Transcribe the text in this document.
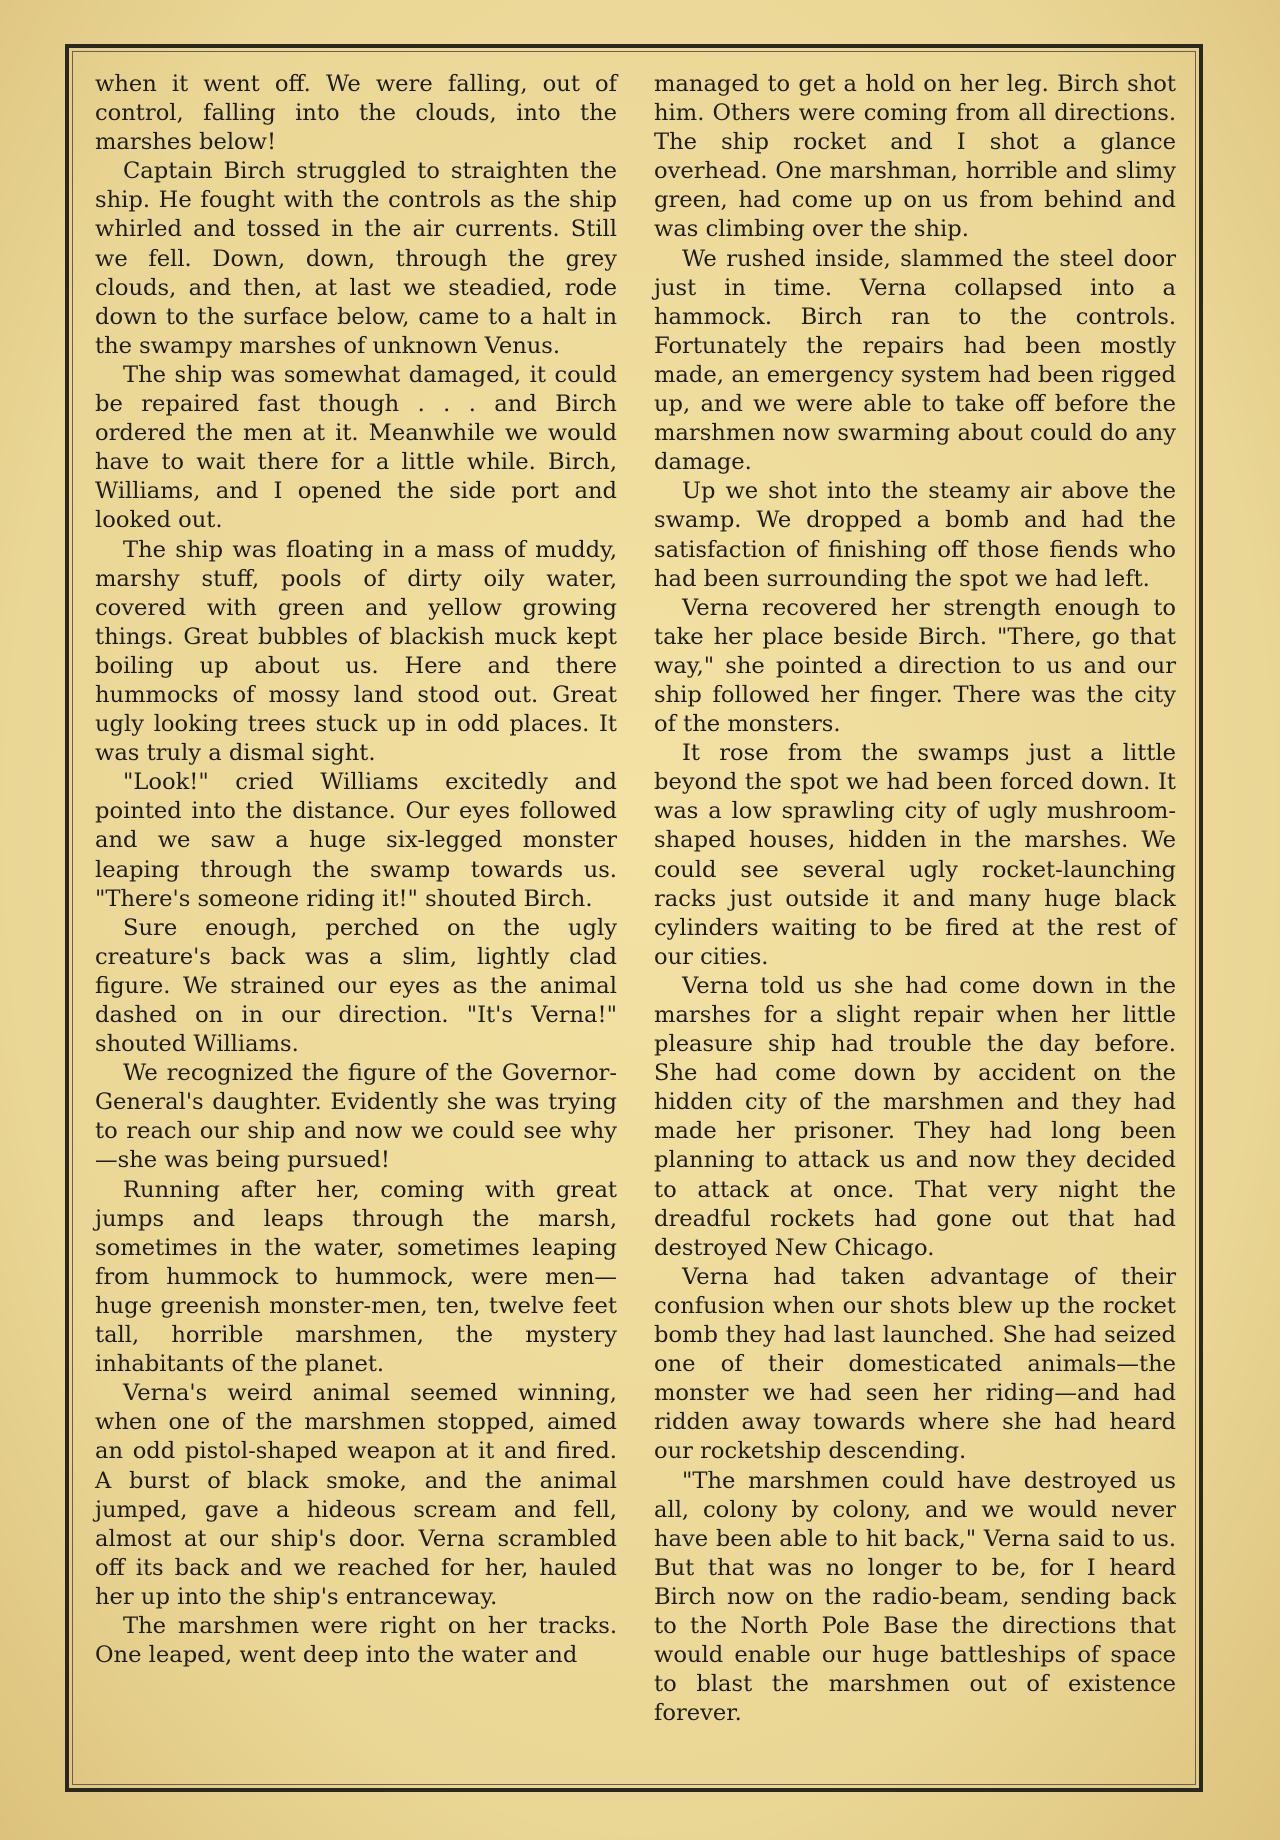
when it went off. We were falling, out of control, falling into the clouds, into the marshes below!

Captain Birch struggled to straighten the ship. He fought with the controls as the ship whirled and tossed in the air currents. Still we fell. Down, down, through the grey clouds, and then, at last we steadied, rode down to the surface below, came to a halt in the swampy marshes of unknown Venus.

The ship was somewhat damaged, it could be repaired fast though . . . and Birch ordered the men at it. Meanwhile we would have to wait there for a little while. Birch, Williams, and I opened the side port and looked out.

The ship was floating in a mass of muddy, marshy stuff, pools of dirty oily water, covered with green and yellow growing things. Great bubbles of blackish muck kept boiling up about us. Here and there hummocks of mossy land stood out. Great ugly looking trees stuck up in odd places. It was truly a dismal sight.

"Look!" cried Williams excitedly and pointed into the distance. Our eyes followed and we saw a huge six-legged monster leaping through the swamp towards us. "There's someone riding it!" shouted Birch.

Sure enough, perched on the ugly creature's back was a slim, lightly clad figure. We strained our eyes as the animal dashed on in our direction. "It's Verna!" shouted Williams.

We recognized the figure of the Governor-General's daughter. Evidently she was trying to reach our ship and now we could see why—she was being pursued!

Running after her, coming with great jumps and leaps through the marsh, sometimes in the water, sometimes leaping from hummock to hummock, were men—huge greenish monster-men, ten, twelve feet tall, horrible marshmen, the mystery inhabitants of the planet.

Verna's weird animal seemed winning, when one of the marshmen stopped, aimed an odd pistol-shaped weapon at it and fired. A burst of black smoke, and the animal jumped, gave a hideous scream and fell, almost at our ship's door. Verna scrambled off its back and we reached for her, hauled her up into the ship's entranceway.

The marshmen were right on her tracks. One leaped, went deep into the water and

managed to get a hold on her leg. Birch shot him. Others were coming from all directions. The ship rocket and I shot a glance overhead. One marshman, horrible and slimy green, had come up on us from behind and was climbing over the ship.

We rushed inside, slammed the steel door just in time. Verna collapsed into a hammock. Birch ran to the controls. Fortunately the repairs had been mostly made, an emergency system had been rigged up, and we were able to take off before the marshmen now swarming about could do any damage.

Up we shot into the steamy air above the swamp. We dropped a bomb and had the satisfaction of finishing off those fiends who had been surrounding the spot we had left.

Verna recovered her strength enough to take her place beside Birch. "There, go that way," she pointed a direction to us and our ship followed her finger. There was the city of the monsters.

It rose from the swamps just a little beyond the spot we had been forced down. It was a low sprawling city of ugly mushroom-shaped houses, hidden in the marshes. We could see several ugly rocket-launching racks just outside it and many huge black cylinders waiting to be fired at the rest of our cities.

Verna told us she had come down in the marshes for a slight repair when her little pleasure ship had trouble the day before. She had come down by accident on the hidden city of the marshmen and they had made her prisoner. They had long been planning to attack us and now they decided to attack at once. That very night the dreadful rockets had gone out that had destroyed New Chicago.

Verna had taken advantage of their confusion when our shots blew up the rocket bomb they had last launched. She had seized one of their domesticated animals—the monster we had seen her riding—and had ridden away towards where she had heard our rocketship descending.

"The marshmen could have destroyed us all, colony by colony, and we would never have been able to hit back," Verna said to us. But that was no longer to be, for I heard Birch now on the radio-beam, sending back to the North Pole Base the directions that would enable our huge battleships of space to blast the marshmen out of existence forever.
